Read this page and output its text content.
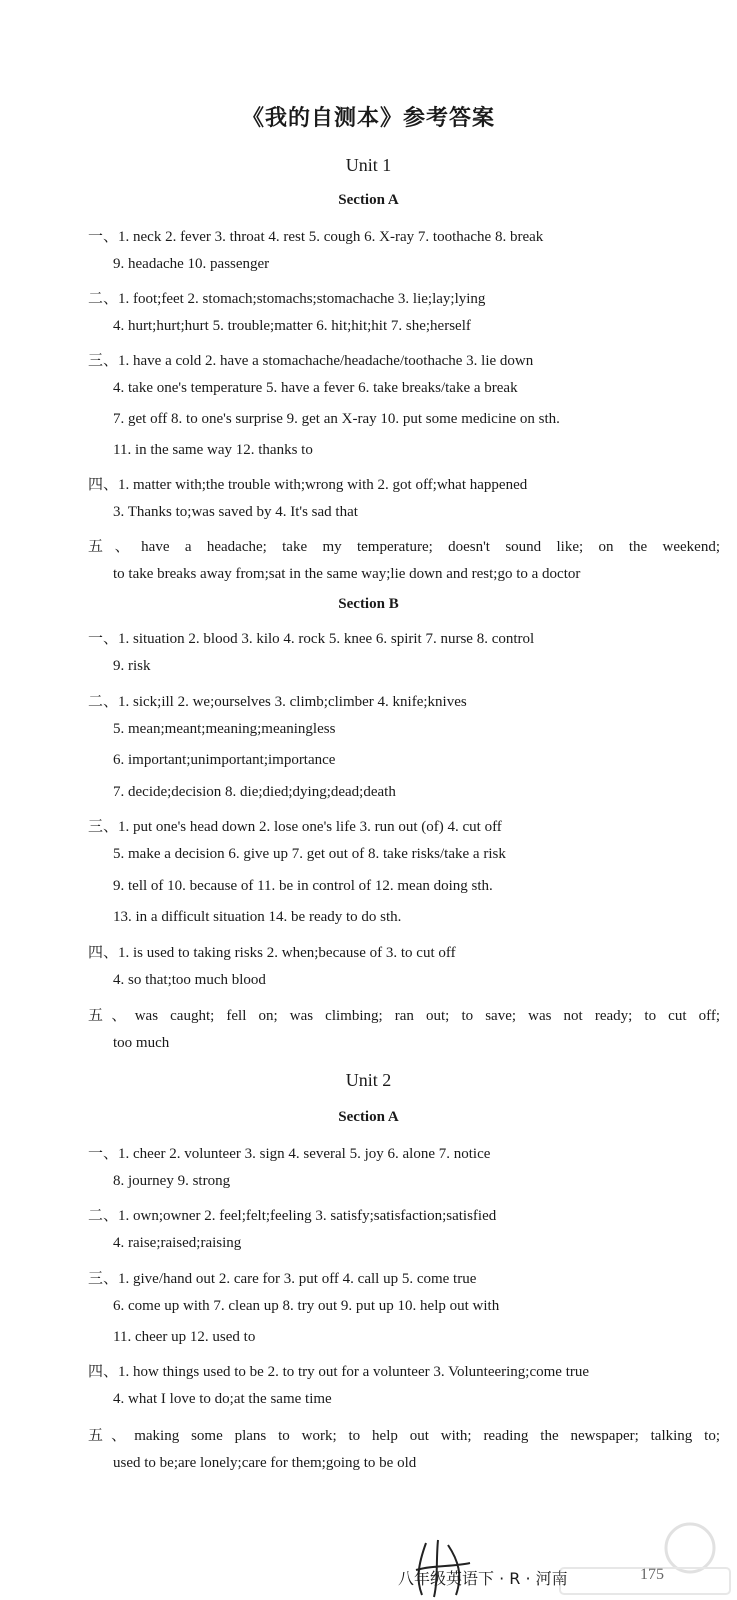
《我的自测本》参考答案
Unit 1
Section A
一、1. neck 2. fever 3. throat 4. rest 5. cough 6. X-ray 7. toothache 8. break
9. headache 10. passenger
二、1. foot;feet 2. stomach;stomachs;stomachache 3. lie;lay;lying
4. hurt;hurt;hurt 5. trouble;matter 6. hit;hit;hit 7. she;herself
三、1. have a cold 2. have a stomachache/headache/toothache 3. lie down
4. take one's temperature 5. have a fever 6. take breaks/take a break
7. get off 8. to one's surprise 9. get an X-ray 10. put some medicine on sth.
11. in the same way 12. thanks to
四、1. matter with;the trouble with;wrong with 2. got off;what happened
3. Thanks to;was saved by 4. It's sad that
五、have a headache; take my temperature; doesn't sound like; on the weekend;
to take breaks away from;sat in the same way;lie down and rest;go to a doctor
Section B
一、1. situation 2. blood 3. kilo 4. rock 5. knee 6. spirit 7. nurse 8. control
9. risk
二、1. sick;ill 2. we;ourselves 3. climb;climber 4. knife;knives
5. mean;meant;meaning;meaningless
6. important;unimportant;importance
7. decide;decision 8. die;died;dying;dead;death
三、1. put one's head down 2. lose one's life 3. run out (of) 4. cut off
5. make a decision 6. give up 7. get out of 8. take risks/take a risk
9. tell of 10. because of 11. be in control of 12. mean doing sth.
13. in a difficult situation 14. be ready to do sth.
四、1. is used to taking risks 2. when;because of 3. to cut off
4. so that;too much blood
五、was caught; fell on; was climbing; ran out; to save; was not ready; to cut off;
too much
Unit 2
Section A
一、1. cheer 2. volunteer 3. sign 4. several 5. joy 6. alone 7. notice
8. journey 9. strong
二、1. own;owner 2. feel;felt;feeling 3. satisfy;satisfaction;satisfied
4. raise;raised;raising
三、1. give/hand out 2. care for 3. put off 4. call up 5. come true
6. come up with 7. clean up 8. try out 9. put up 10. help out with
11. cheer up 12. used to
四、1. how things used to be 2. to try out for a volunteer 3. Volunteering;come true
4. what I love to do;at the same time
五、making some plans to work; to help out with; reading the newspaper; talking to;
used to be;are lonely;care for them;going to be old
八年级英语下 · R · 河南	175
